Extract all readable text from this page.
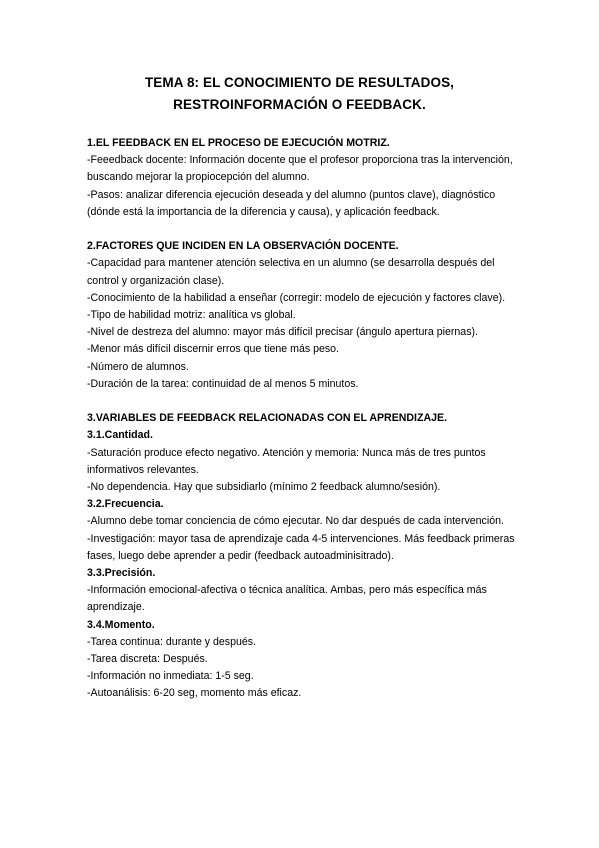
TEMA 8: EL CONOCIMIENTO DE RESULTADOS,
RESTROINFORMACIÓN O FEEDBACK.
1.EL FEEDBACK EN EL PROCESO DE EJECUCIÓN MOTRIZ.
-Feeedback docente: Información docente que el profesor proporciona tras la intervención, buscando mejorar la propiocepción del alumno.
-Pasos: analizar diferencia ejecución deseada y del alumno (puntos clave), diagnóstico (dónde está la importancia de la diferencia y causa), y aplicación feedback.
2.FACTORES QUE INCIDEN EN LA OBSERVACIÓN DOCENTE.
-Capacidad para mantener atención selectiva en un alumno (se desarrolla después del control y organización clase).
-Conocimiento de la habilidad a enseñar (corregir: modelo de ejecución y factores clave).
-Tipo de habilidad motriz: analítica vs global.
-Nivel de destreza del alumno: mayor más difícil precisar (ángulo apertura piernas).
-Menor más difícil discernir erros que tiene más peso.
-Número de alumnos.
-Duración de la tarea: continuidad de al menos 5 minutos.
3.VARIABLES DE FEEDBACK RELACIONADAS CON EL APRENDIZAJE.
3.1.Cantidad.
-Saturación produce efecto negativo. Atención y memoria: Nunca más de tres puntos informativos relevantes.
-No dependencia. Hay que subsidiarlo (mínimo 2 feedback alumno/sesión).
3.2.Frecuencia.
-Alumno debe tomar conciencia de cómo ejecutar. No dar después de cada intervención.
-Investigación: mayor tasa de aprendizaje cada 4-5 intervenciones. Más feedback primeras fases, luego debe aprender a pedir (feedback autoadminisitrado).
3.3.Precisión.
-Información emocional-afectiva o técnica analítica. Ambas, pero más específica más aprendizaje.
3.4.Momento.
-Tarea continua: durante y después.
-Tarea discreta: Después.
-Información no inmediata: 1-5 seg.
-Autoanálisis: 6-20 seg, momento más eficaz.
